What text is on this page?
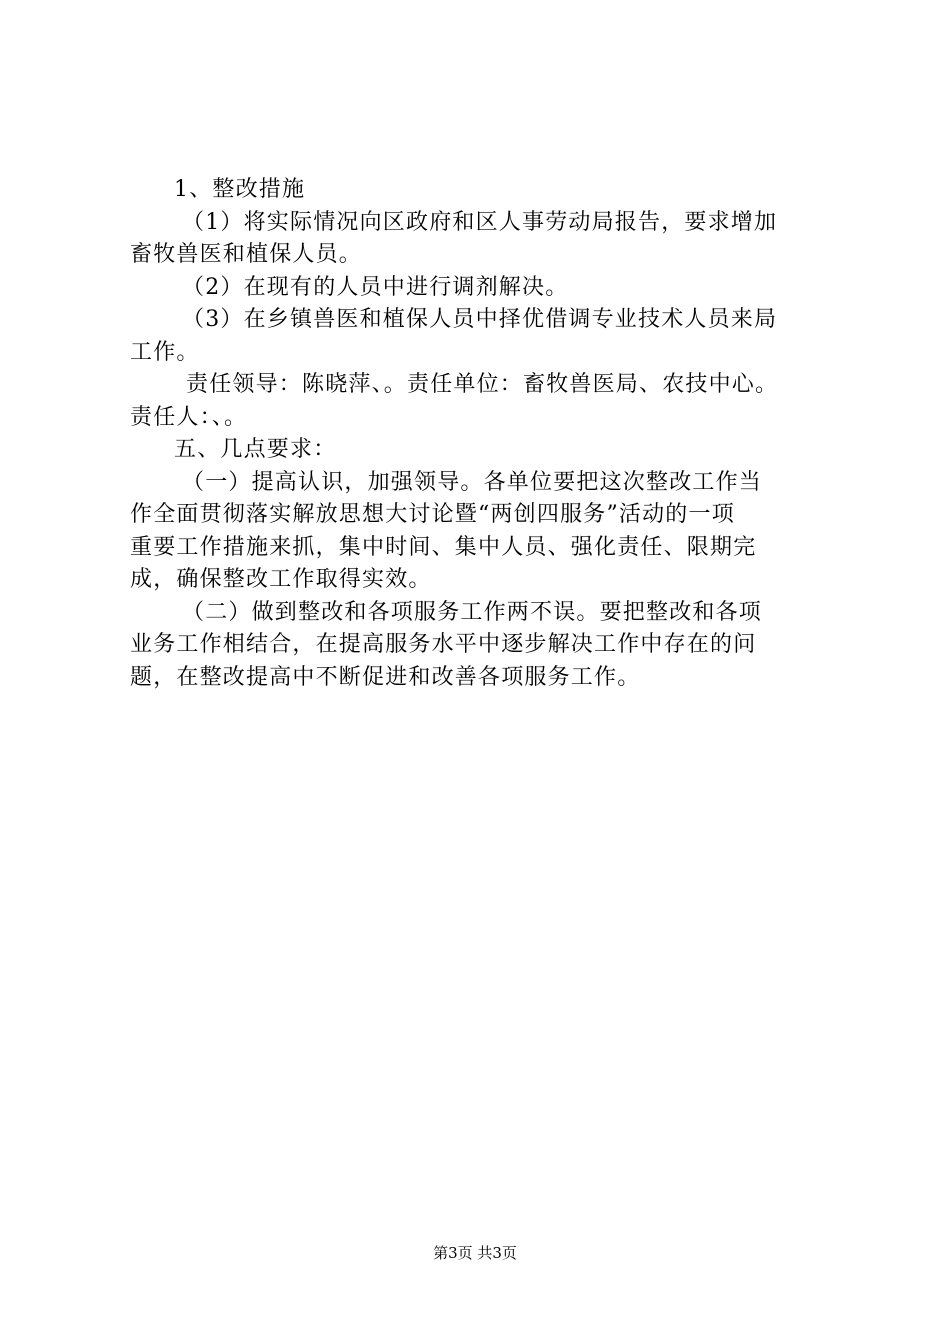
1、整改措施
（1）将实际情况向区政府和区人事劳动局报告，要求增加
畜牧兽医和植保人员。
（2）在现有的人员中进行调剂解决。
（3）在乡镇兽医和植保人员中择优借调专业技术人员来局
工作。
责任领导：陈晓萍、。责任单位：畜牧兽医局、农技中心。
责任人：、。
五、几点要求：
（一）提高认识，加强领导。各单位要把这次整改工作当
作全面贯彻落实解放思想大讨论暨“两创四服务”活动的一项
重要工作措施来抓，集中时间、集中人员、强化责任、限期完
成，确保整改工作取得实效。
（二）做到整改和各项服务工作两不误。要把整改和各项
业务工作相结合，在提高服务水平中逐步解决工作中存在的问
题，在整改提高中不断促进和改善各项服务工作。
第3页 共3页
